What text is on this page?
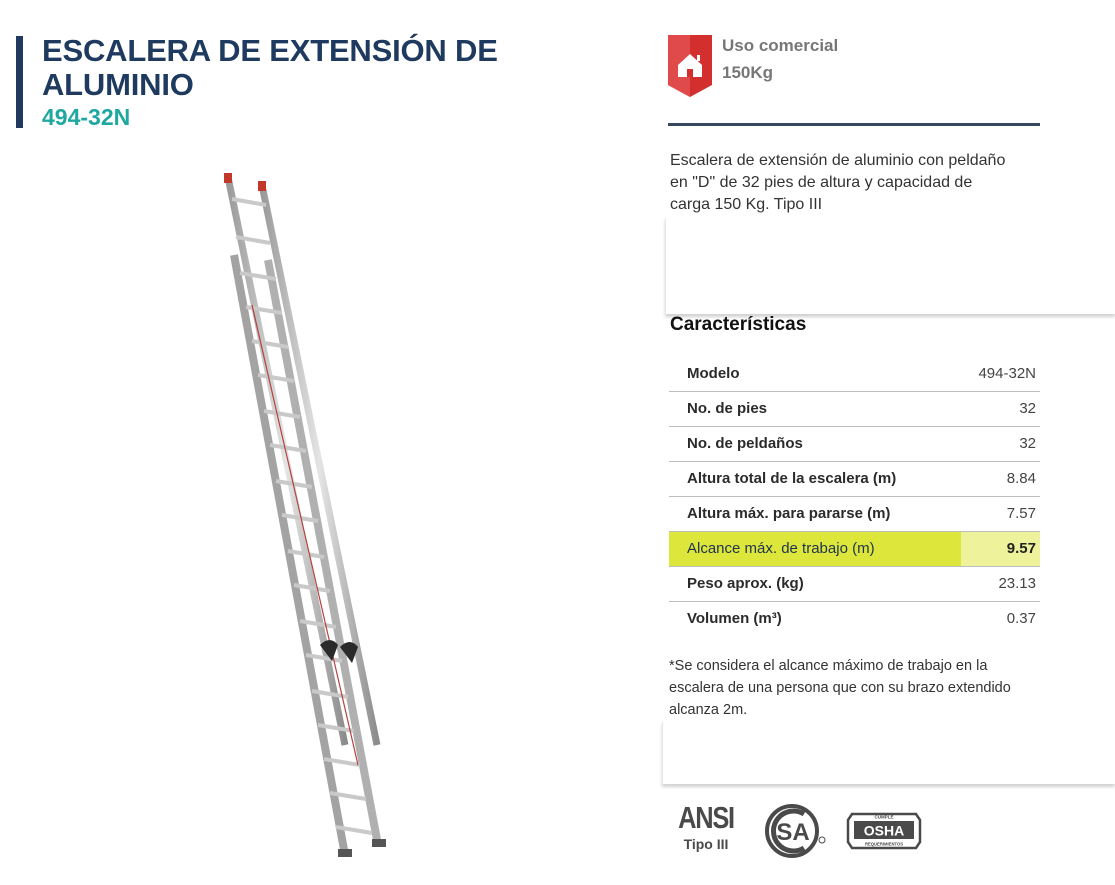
ESCALERA DE EXTENSIÓN DE ALUMINIO
494-32N
Uso comercial
150Kg

Escalera de extensión de aluminio con peldaño en "D" de 32 pies de altura y capacidad de carga 150 Kg. Tipo III

Características
Modelo	494-32N
No. de pies	32
No. de peldaños	32
Altura total de la escalera (m)	8.84
Altura máx. para pararse (m)	7.57
Alcance máx. de trabajo (m)	9.57
Peso aprox. (kg)	23.13
Volumen (m³)	0.37

*Se considera el alcance máximo de trabajo en la escalera de una persona que con su brazo extendido alcanza 2m.

ANSI
Tipo III	SA
CUMPLE
OSHA
REQUERIMIENTOS
